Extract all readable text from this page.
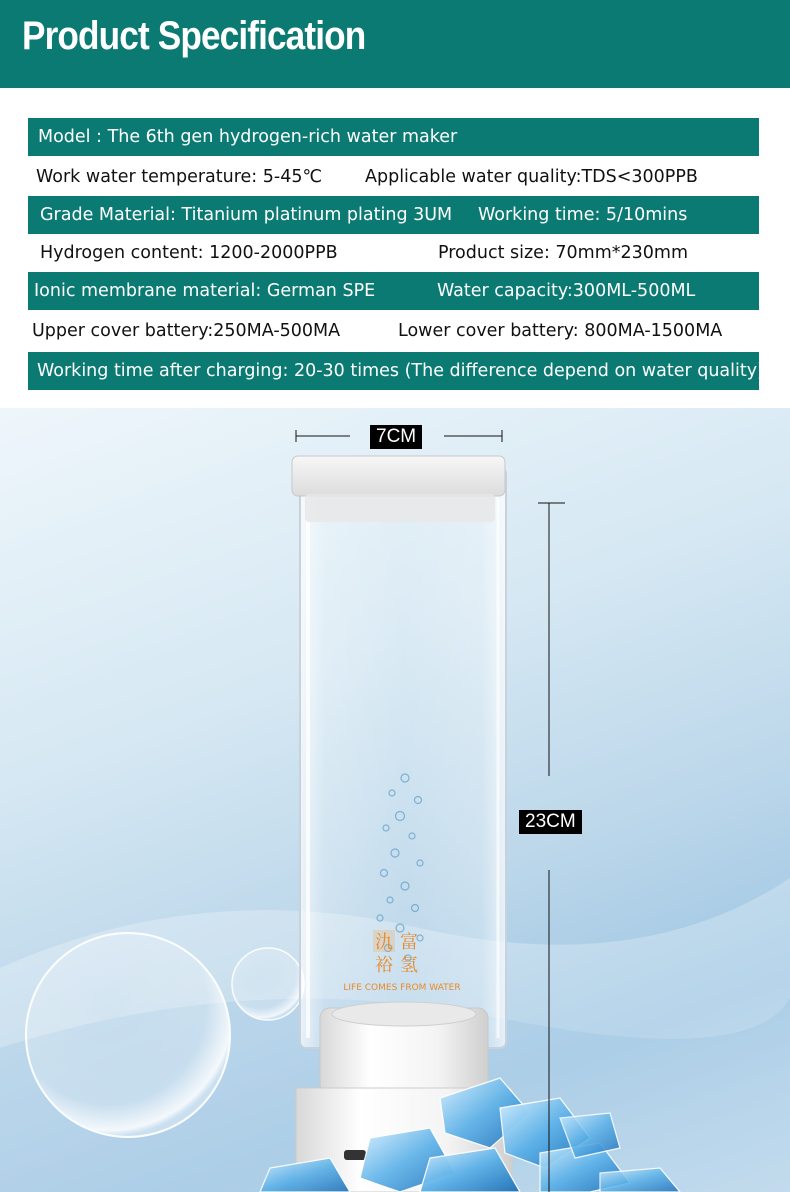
Product Specification
Model : The 6th gen hydrogen-rich water maker
Work water temperature: 5-45℃ Applicable water quality:TDS<300PPB
Grade Material: Titanium platinum plating 3UM Working time: 5/10mins
Hydrogen content: 1200-2000PPB	Product size: 70mm*230mm
Ionic membrane material: German SPE	Water capacity:300ML-500ML
Upper cover battery:250MA-500MA	Lower cover battery: 800MA-1500MA
Working time after charging: 20-30 times (The difference depend on water quality)
氿 富
裕 氢
LIFE COMES FROM WATER
7CM
23CM
